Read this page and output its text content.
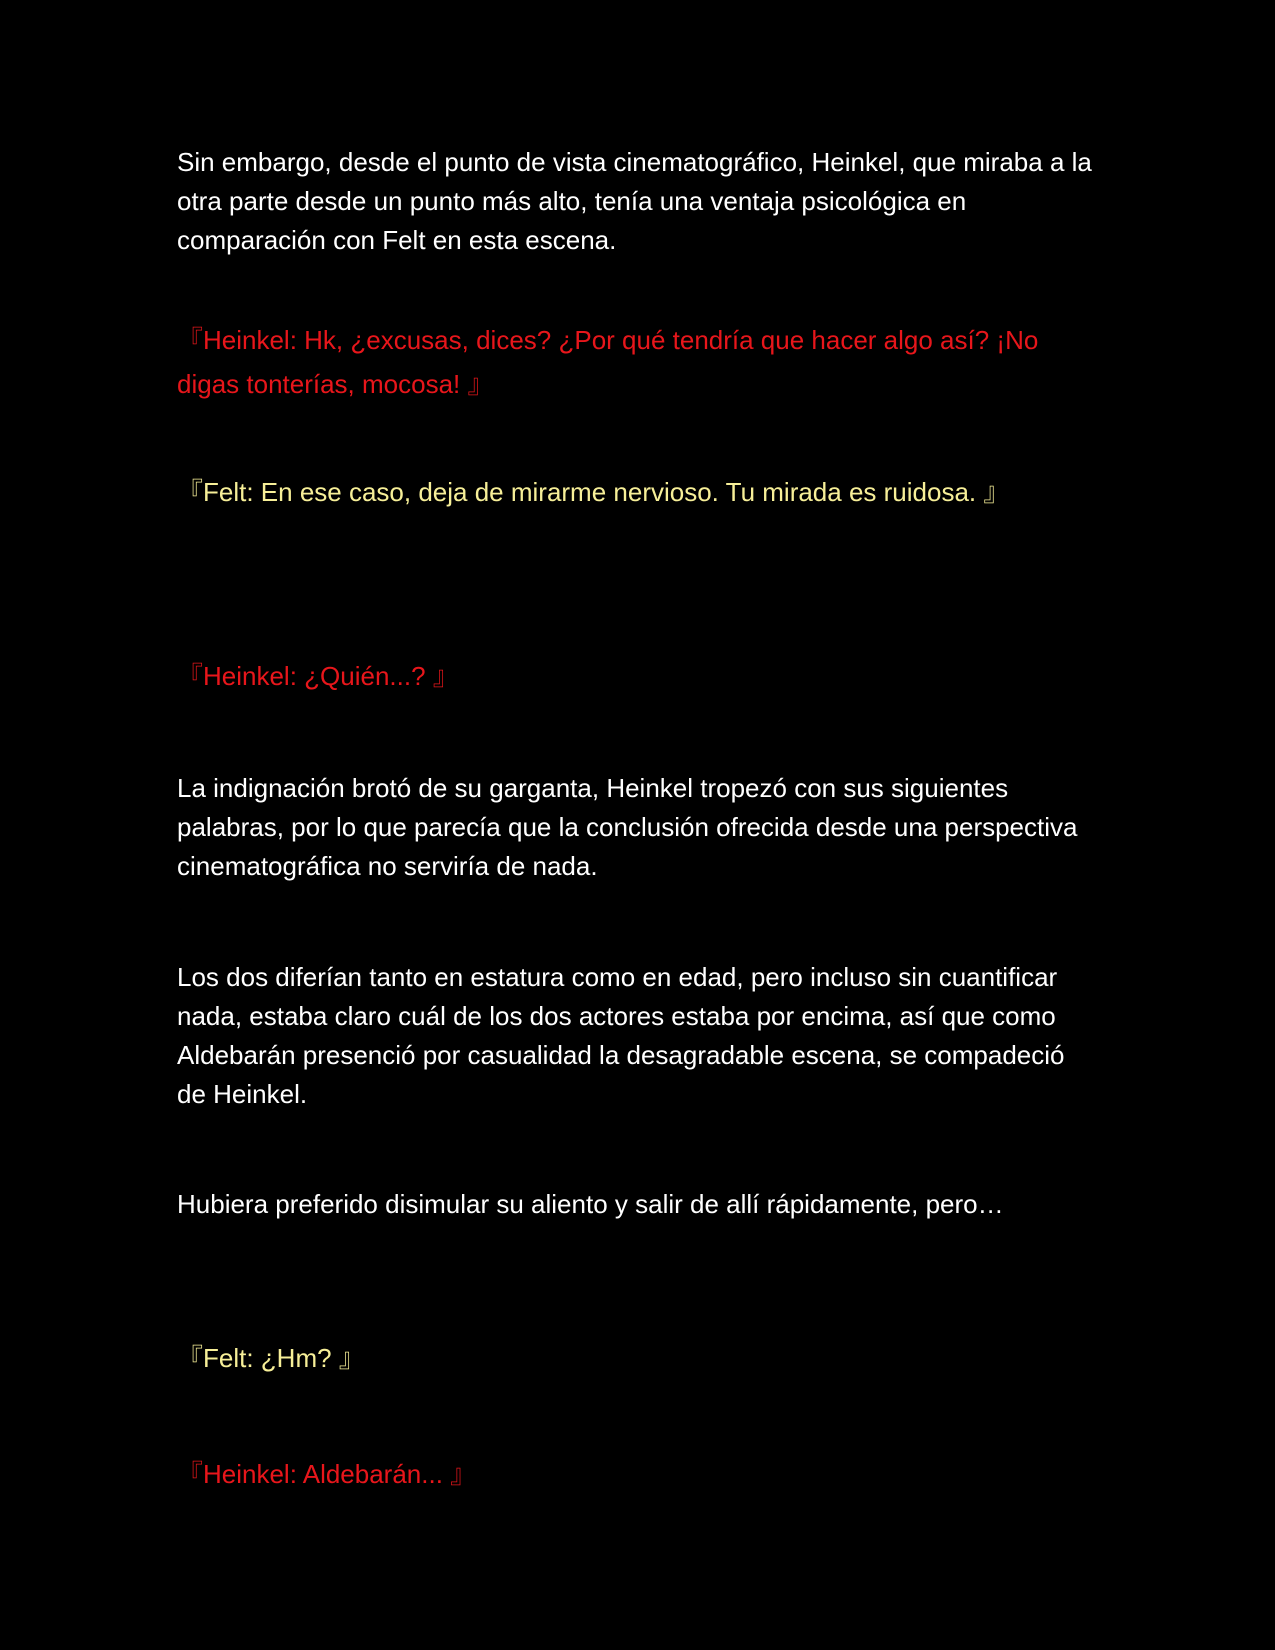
Sin embargo, desde el punto de vista cinematográfico, Heinkel, que miraba a la otra parte desde un punto más alto, tenía una ventaja psicológica en comparación con Felt en esta escena.

『Heinkel: Hk, ¿excusas, dices? ¿Por qué tendría que hacer algo así? ¡No digas tonterías, mocosa! 』

『Felt: En ese caso, deja de mirarme nervioso. Tu mirada es ruidosa. 』

『Heinkel: ¿Quién...? 』

La indignación brotó de su garganta, Heinkel tropezó con sus siguientes palabras, por lo que parecía que la conclusión ofrecida desde una perspectiva cinematográfica no serviría de nada.

Los dos diferían tanto en estatura como en edad, pero incluso sin cuantificar nada, estaba claro cuál de los dos actores estaba por encima, así que como Aldebarán presenció por casualidad la desagradable escena, se compadeció de Heinkel.

Hubiera preferido disimular su aliento y salir de allí rápidamente, pero…

『Felt: ¿Hm? 』

『Heinkel: Aldebarán... 』
